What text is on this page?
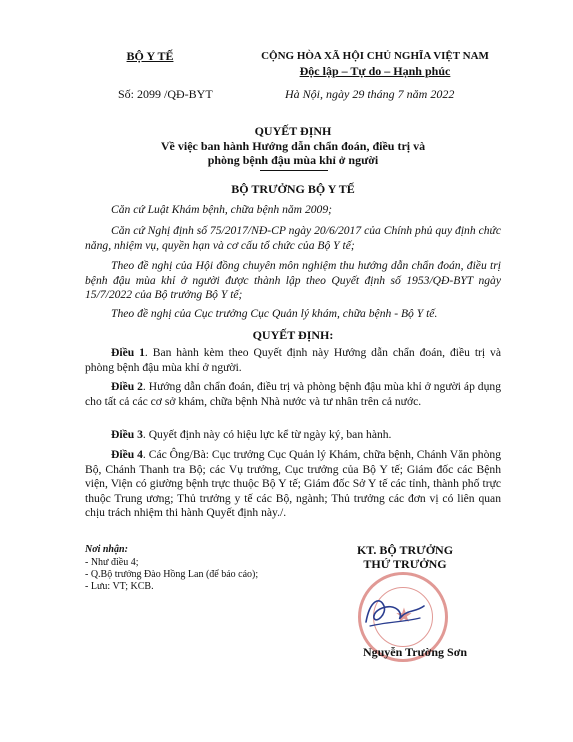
BỘ Y TẾ
Số: 2099 /QĐ-BYT
CỘNG HÒA XÃ HỘI CHỦ NGHĨA VIỆT NAM
Độc lập – Tự do – Hạnh phúc
Hà Nội, ngày 29 tháng 7 năm 2022
QUYẾT ĐỊNH
Về việc ban hành Hướng dẫn chẩn đoán, điều trị và
phòng bệnh đậu mùa khỉ ở người
BỘ TRƯỞNG BỘ Y TẾ
Căn cứ Luật Khám bệnh, chữa bệnh năm 2009;
Căn cứ Nghị định số 75/2017/NĐ-CP ngày 20/6/2017 của Chính phủ quy định chức năng, nhiệm vụ, quyền hạn và cơ cấu tổ chức của Bộ Y tế;
Theo đề nghị của Hội đồng chuyên môn nghiệm thu hướng dẫn chẩn đoán, điều trị bệnh đậu mùa khỉ ở người được thành lập theo Quyết định số 1953/QĐ-BYT ngày 15/7/2022 của Bộ trưởng Bộ Y tế;
Theo đề nghị của Cục trưởng Cục Quản lý khám, chữa bệnh - Bộ Y tế.
QUYẾT ĐỊNH:
Điều 1. Ban hành kèm theo Quyết định này Hướng dẫn chẩn đoán, điều trị và phòng bệnh đậu mùa khỉ ở người.
Điều 2. Hướng dẫn chẩn đoán, điều trị và phòng bệnh đậu mùa khỉ ở người áp dụng cho tất cả các cơ sở khám, chữa bệnh Nhà nước và tư nhân trên cả nước.
Điều 3. Quyết định này có hiệu lực kể từ ngày ký, ban hành.
Điều 4. Các Ông/Bà: Cục trưởng Cục Quản lý Khám, chữa bệnh, Chánh Văn phòng Bộ, Chánh Thanh tra Bộ; các Vụ trưởng, Cục trưởng của Bộ Y tế; Giám đốc các Bệnh viện, Viện có giường bệnh trực thuộc Bộ Y tế; Giám đốc Sở Y tế các tỉnh, thành phố trực thuộc Trung ương; Thủ trưởng y tế các Bộ, ngành; Thủ trưởng các đơn vị có liên quan chịu trách nhiệm thi hành Quyết định này./.
Nơi nhận:
- Như điều 4;
- Q.Bộ trưởng Đào Hồng Lan (để báo cáo);
- Lưu: VT; KCB.
KT. BỘ TRƯỞNG
THỨ TRƯỞNG
★
Nguyễn Trường Sơn
